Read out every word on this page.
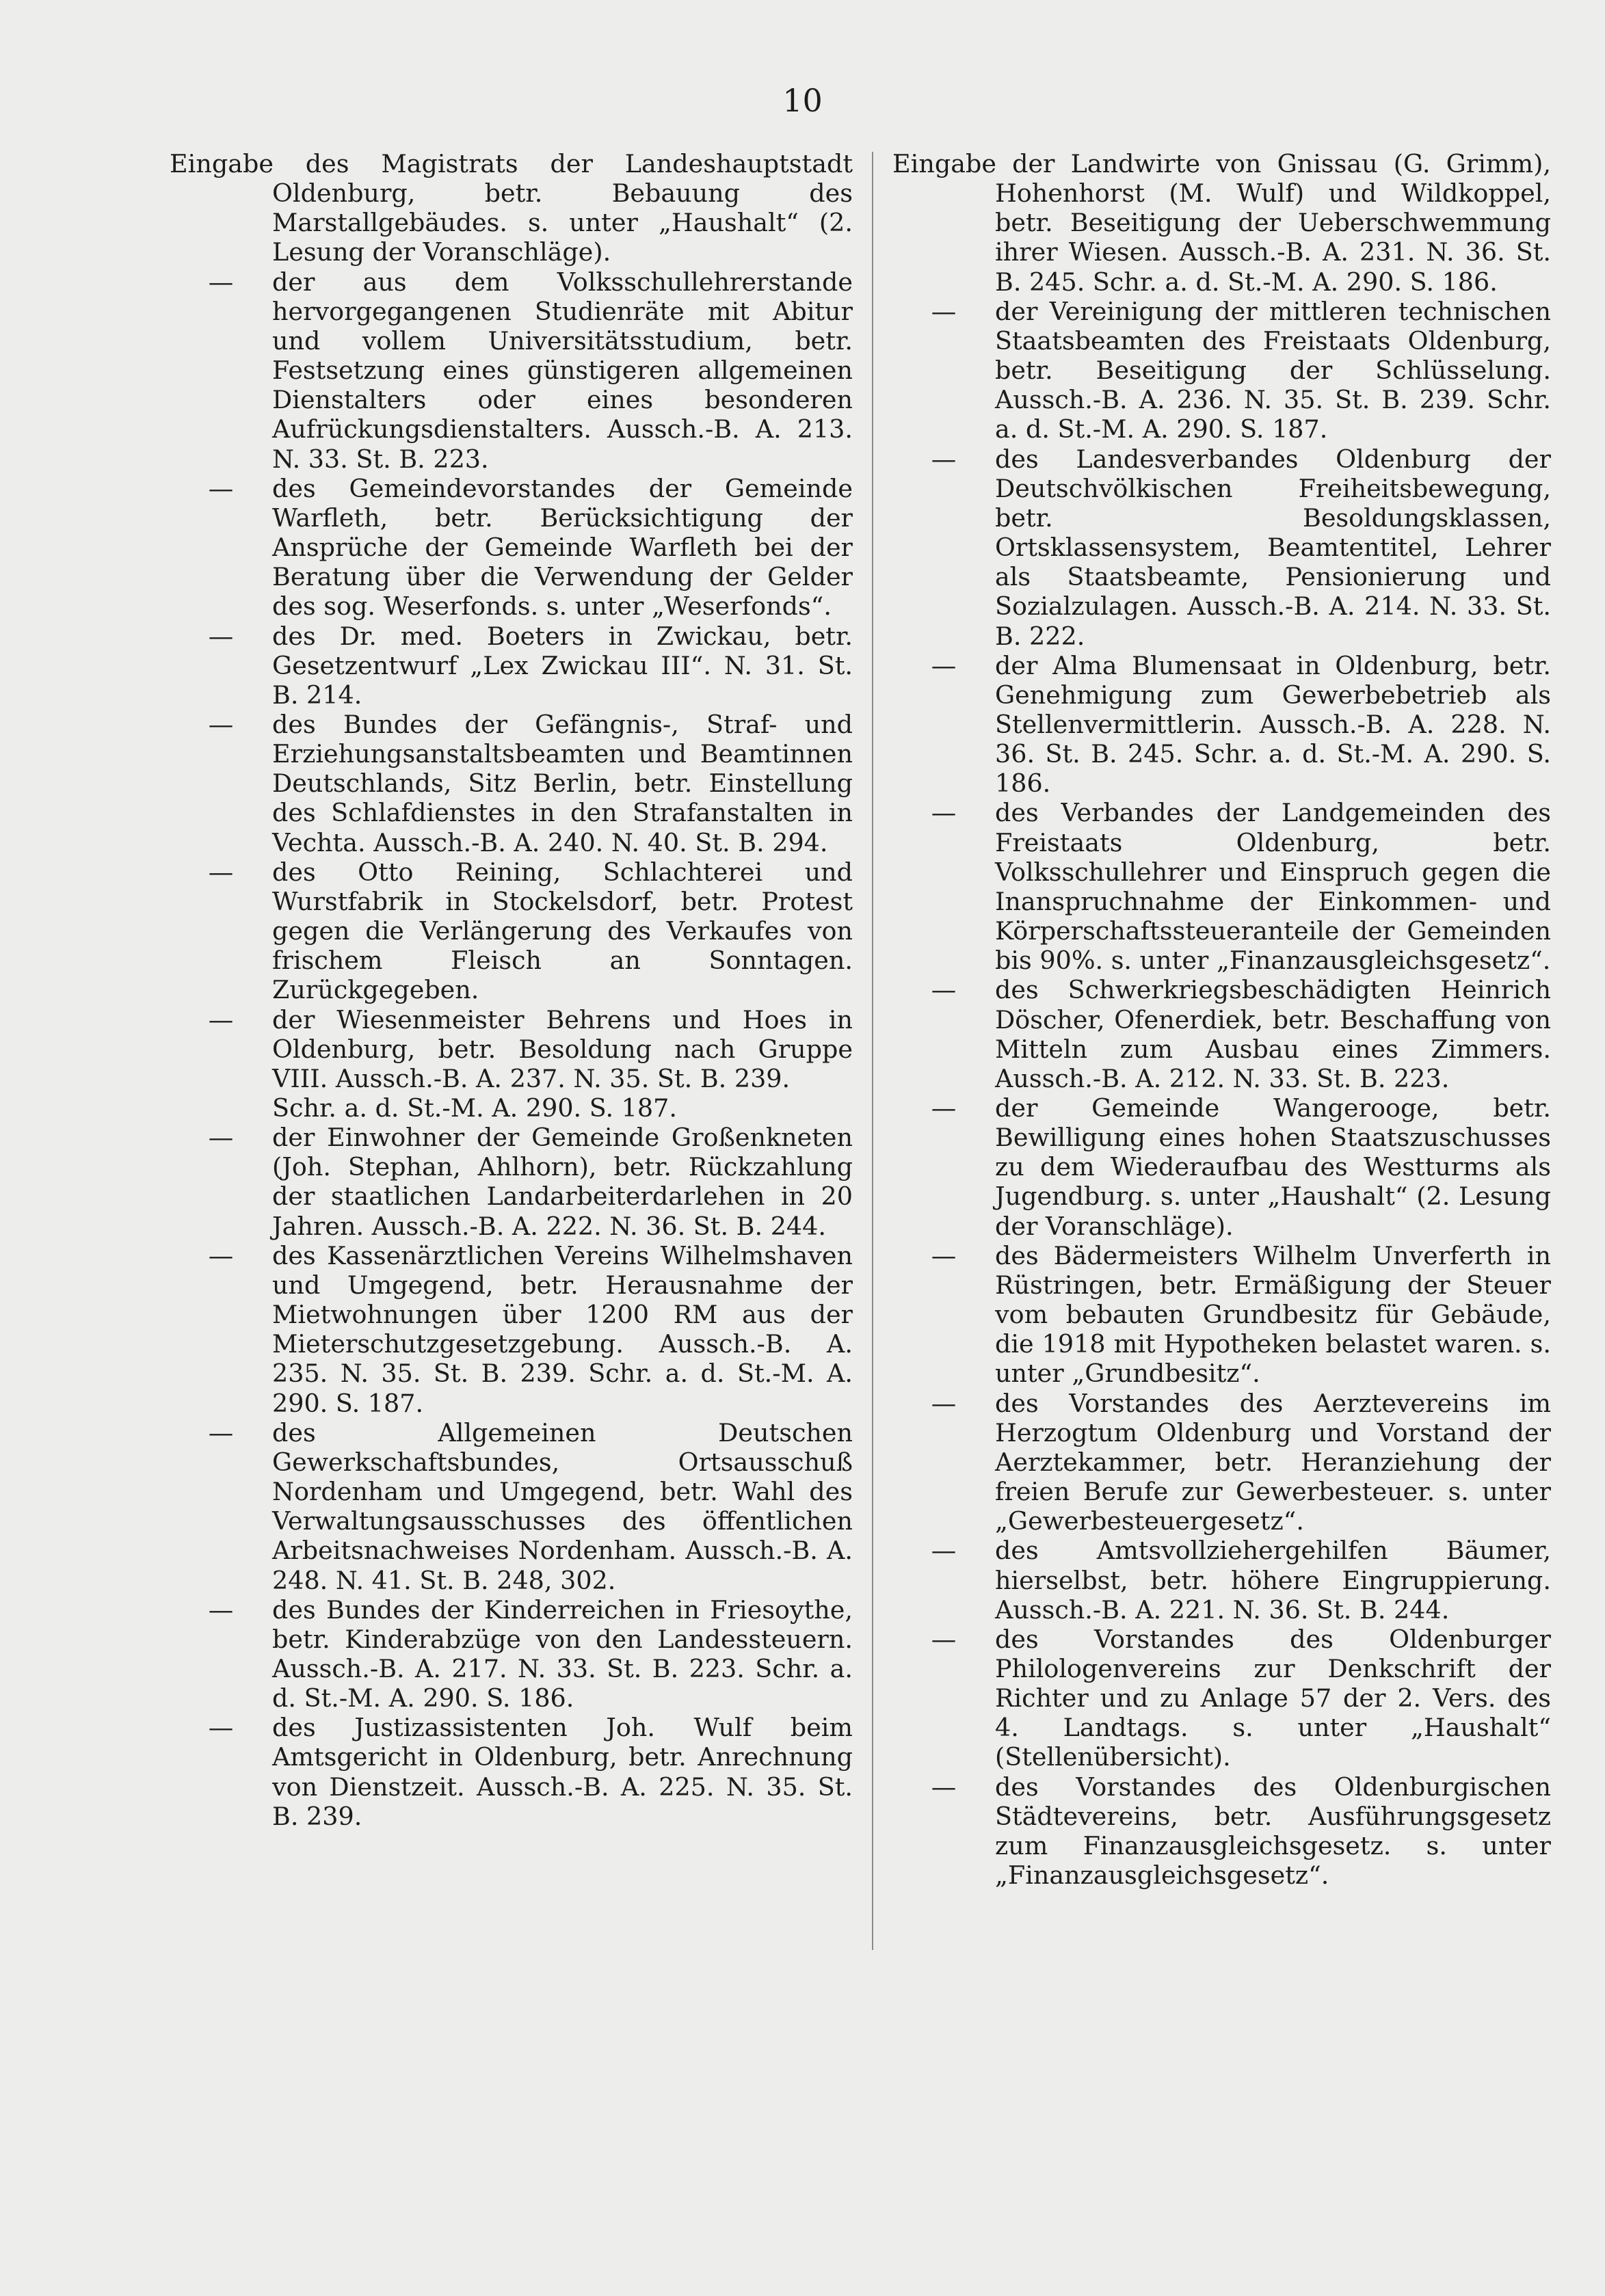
10

Eingabe des Magistrats der Landeshauptstadt Oldenburg, betr. Bebauung des Marstallgebäudes. s. unter „Haushalt“ (2. Lesung der Voranschläge).

— der aus dem Volksschullehrerstande hervorgegangenen Studienräte mit Abitur und vollem Universitätsstudium, betr. Festsetzung eines günstigeren allgemeinen Dienstalters oder eines besonderen Aufrückungsdienstalters. Aussch.-B. A. 213. N. 33. St. B. 223.

— des Gemeindevorstandes der Gemeinde Warfleth, betr. Berücksichtigung der Ansprüche der Gemeinde Warfleth bei der Beratung über die Verwendung der Gelder des sog. Weserfonds. s. unter „Weserfonds“.

— des Dr. med. Boeters in Zwickau, betr. Gesetzentwurf „Lex Zwickau III“. N. 31. St. B. 214.

— des Bundes der Gefängnis-, Straf- und Erziehungsanstaltsbeamten und Beamtinnen Deutschlands, Sitz Berlin, betr. Einstellung des Schlafdienstes in den Strafanstalten in Vechta. Aussch.-B. A. 240. N. 40. St. B. 294.

— des Otto Reining, Schlachterei und Wurstfabrik in Stockelsdorf, betr. Protest gegen die Verlängerung des Verkaufes von frischem Fleisch an Sonntagen. Zurückgegeben.

— der Wiesenmeister Behrens und Hoes in Oldenburg, betr. Besoldung nach Gruppe VIII. Aussch.-B. A. 237. N. 35. St. B. 239.

Schr. a. d. St.-M. A. 290. S. 187.

— der Einwohner der Gemeinde Großenkneten (Joh. Stephan, Ahlhorn), betr. Rückzahlung der staatlichen Landarbeiterdarlehen in 20 Jahren. Aussch.-B. A. 222. N. 36. St. B. 244.

— des Kassenärztlichen Vereins Wilhelmshaven und Umgegend, betr. Herausnahme der Mietwohnungen über 1200 RM aus der Mieterschutzgesetzgebung. Aussch.-B. A. 235. N. 35. St. B. 239. Schr. a. d. St.-M. A. 290. S. 187.

— des Allgemeinen Deutschen Gewerkschaftsbundes, Ortsausschuß Nordenham und Umgegend, betr. Wahl des Verwaltungsausschusses des öffentlichen Arbeitsnachweises Nordenham. Aussch.-B. A. 248. N. 41. St. B. 248, 302.

— des Bundes der Kinderreichen in Friesoythe, betr. Kinderabzüge von den Landessteuern. Aussch.-B. A. 217. N. 33. St. B. 223. Schr. a. d. St.-M. A. 290. S. 186.

— des Justizassistenten Joh. Wulf beim Amtsgericht in Oldenburg, betr. Anrechnung von Dienstzeit. Aussch.-B. A. 225. N. 35. St. B. 239.

Eingabe der Landwirte von Gnissau (G. Grimm), Hohenhorst (M. Wulf) und Wildkoppel, betr. Beseitigung der Ueberschwemmung ihrer Wiesen. Aussch.-B. A. 231. N. 36. St. B. 245. Schr. a. d. St.-M. A. 290. S. 186.

— der Vereinigung der mittleren technischen Staatsbeamten des Freistaats Oldenburg, betr. Beseitigung der Schlüsselung. Aussch.-B. A. 236. N. 35. St. B. 239. Schr. a. d. St.-M. A. 290. S. 187.

— des Landesverbandes Oldenburg der Deutschvölkischen Freiheitsbewegung, betr. Besoldungsklassen, Ortsklassensystem, Beamtentitel, Lehrer als Staatsbeamte, Pensionierung und Sozialzulagen. Aussch.-B. A. 214. N. 33. St. B. 222.

— der Alma Blumensaat in Oldenburg, betr. Genehmigung zum Gewerbebetrieb als Stellenvermittlerin. Aussch.-B. A. 228. N. 36. St. B. 245. Schr. a. d. St.-M. A. 290. S. 186.

— des Verbandes der Landgemeinden des Freistaats Oldenburg, betr. Volksschullehrer und Einspruch gegen die Inanspruchnahme der Einkommen- und Körperschaftssteueranteile der Gemeinden bis 90%. s. unter „Finanzausgleichsgesetz“.

— des Schwerkriegsbeschädigten Heinrich Döscher, Ofenerdiek, betr. Beschaffung von Mitteln zum Ausbau eines Zimmers. Aussch.-B. A. 212. N. 33. St. B. 223.

— der Gemeinde Wangerooge, betr. Bewilligung eines hohen Staatszuschusses zu dem Wiederaufbau des Westturms als Jugendburg. s. unter „Haushalt“ (2. Lesung der Voranschläge).

— des Bädermeisters Wilhelm Unverferth in Rüstringen, betr. Ermäßigung der Steuer vom bebauten Grundbesitz für Gebäude, die 1918 mit Hypotheken belastet waren. s. unter „Grundbesitz“.

— des Vorstandes des Aerztevereins im Herzogtum Oldenburg und Vorstand der Aerztekammer, betr. Heranziehung der freien Berufe zur Gewerbesteuer. s. unter „Gewerbesteuergesetz“.

— des Amtsvollziehergehilfen Bäumer, hierselbst, betr. höhere Eingruppierung. Aussch.-B. A. 221. N. 36. St. B. 244.

— des Vorstandes des Oldenburger Philologenvereins zur Denkschrift der Richter und zu Anlage 57 der 2. Vers. des 4. Landtags. s. unter „Haushalt“ (Stellenübersicht).

— des Vorstandes des Oldenburgischen Städtevereins, betr. Ausführungsgesetz zum Finanzausgleichsgesetz. s. unter „Finanzausgleichsgesetz“.
